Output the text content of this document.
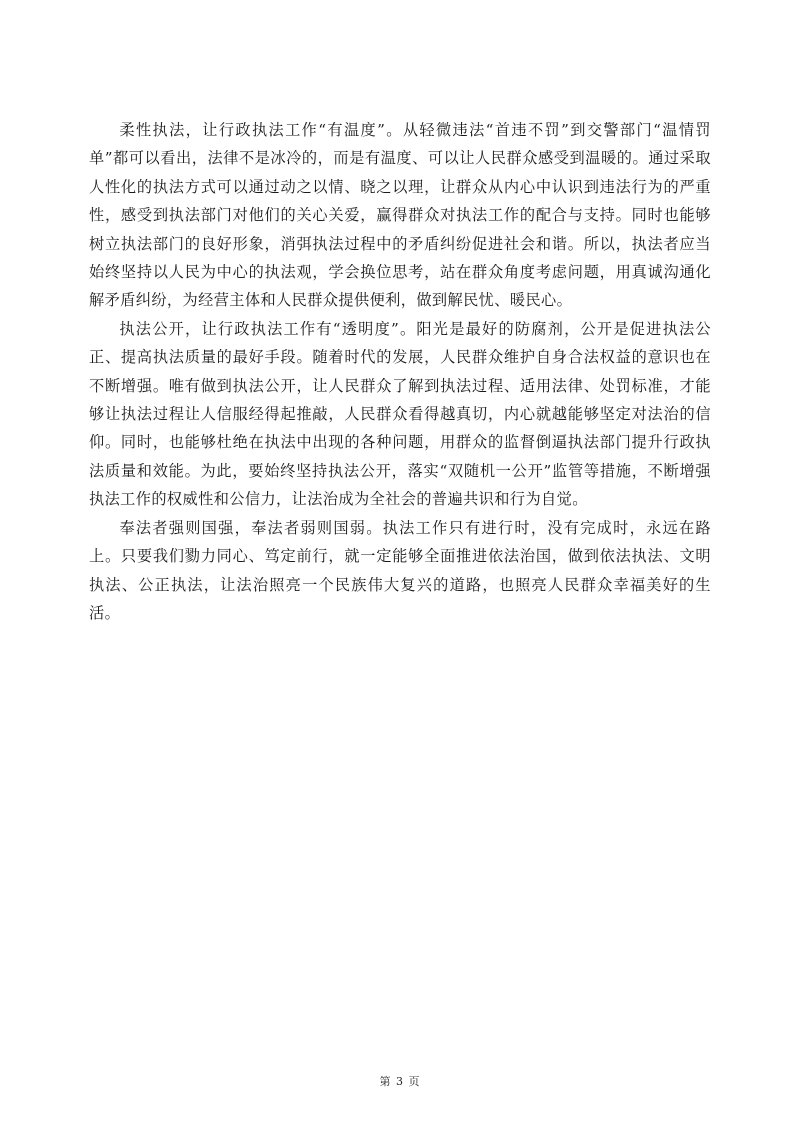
柔性执法，让行政执法工作“有温度”。从轻微违法“首违不罚”到交警部门“温情罚单”都可以看出，法律不是冰冷的，而是有温度、可以让人民群众感受到温暖的。通过采取人性化的执法方式可以通过动之以情、晓之以理，让群众从内心中认识到违法行为的严重性，感受到执法部门对他们的关心关爱，赢得群众对执法工作的配合与支持。同时也能够树立执法部门的良好形象，消弭执法过程中的矛盾纠纷促进社会和谐。所以，执法者应当始终坚持以人民为中心的执法观，学会换位思考，站在群众角度考虑问题，用真诚沟通化解矛盾纠纷，为经营主体和人民群众提供便利，做到解民忧、暖民心。

执法公开，让行政执法工作有“透明度”。阳光是最好的防腐剂，公开是促进执法公正、提高执法质量的最好手段。随着时代的发展，人民群众维护自身合法权益的意识也在不断增强。唯有做到执法公开，让人民群众了解到执法过程、适用法律、处罚标准，才能够让执法过程让人信服经得起推敲，人民群众看得越真切，内心就越能够坚定对法治的信仰。同时，也能够杜绝在执法中出现的各种问题，用群众的监督倒逼执法部门提升行政执法质量和效能。为此，要始终坚持执法公开，落实“双随机一公开”监管等措施，不断增强执法工作的权威性和公信力，让法治成为全社会的普遍共识和行为自觉。

奉法者强则国强，奉法者弱则国弱。执法工作只有进行时，没有完成时，永远在路上。只要我们勠力同心、笃定前行，就一定能够全面推进依法治国，做到依法执法、文明执法、公正执法，让法治照亮一个民族伟大复兴的道路，也照亮人民群众幸福美好的生活。

第 3 页
